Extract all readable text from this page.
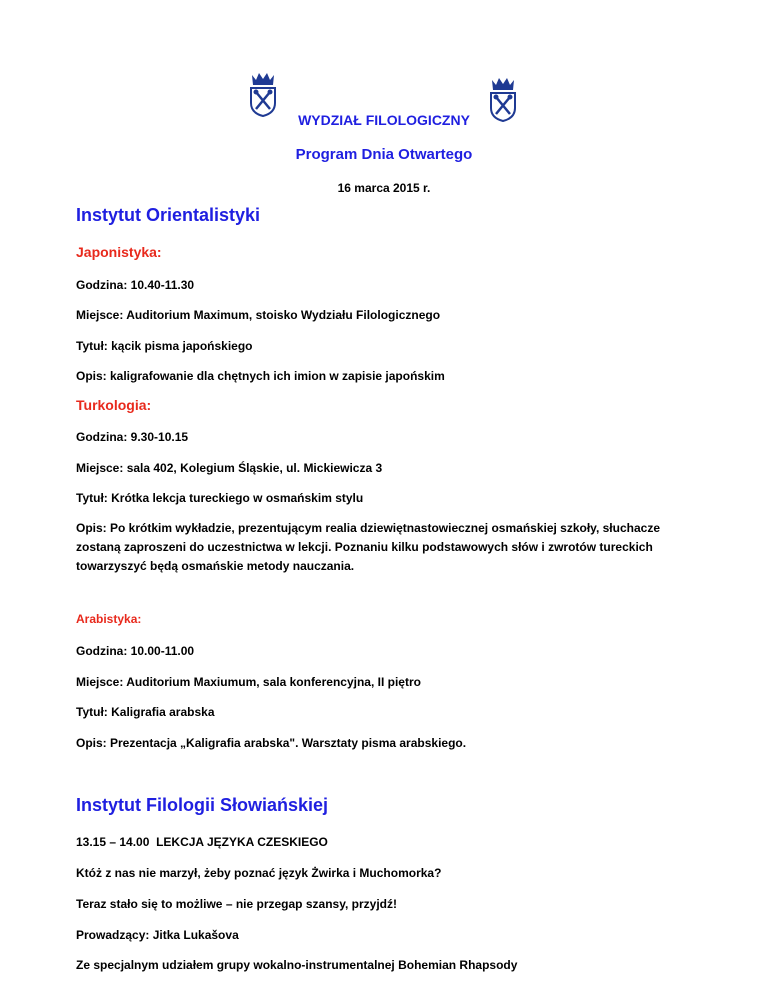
WYDZIAŁ FILOLOGICZNY
Program Dnia Otwartego
16 marca 2015 r.
Instytut Orientalistyki
Japonistyka:
Godzina: 10.40-11.30
Miejsce: Auditorium Maximum, stoisko Wydziału Filologicznego
Tytuł: kącik pisma japońskiego
Opis: kaligrafowanie dla chętnych ich imion w zapisie japońskim
Turkologia:
Godzina: 9.30-10.15
Miejsce: sala 402, Kolegium Śląskie, ul. Mickiewicza 3
Tytuł: Krótka lekcja tureckiego w osmańskim stylu
Opis: Po krótkim wykładzie, prezentującym realia dziewiętnastowiecznej osmańskiej szkoły, słuchacze zostaną zaproszeni do uczestnictwa w lekcji. Poznaniu kilku podstawowych słów i zwrotów tureckich towarzyszyć będą osmańskie metody nauczania.
Arabistyka:
Godzina: 10.00-11.00
Miejsce: Auditorium Maxiumum, sala konferencyjna, II piętro
Tytuł: Kaligrafia arabska
Opis: Prezentacja „Kaligrafia arabska". Warsztaty pisma arabskiego.
Instytut Filologii Słowiańskiej
13.15 – 14.00  LEKCJA JĘZYKA CZESKIEGO
Któż z nas nie marzył, żeby poznać język Żwirka i Muchomorka?
Teraz stało się to możliwe – nie przegap szansy, przyjdź!
Prowadzący: Jitka Lukašova
Ze specjalnym udziałem grupy wokalno-instrumentalnej Bohemian Rhapsody
